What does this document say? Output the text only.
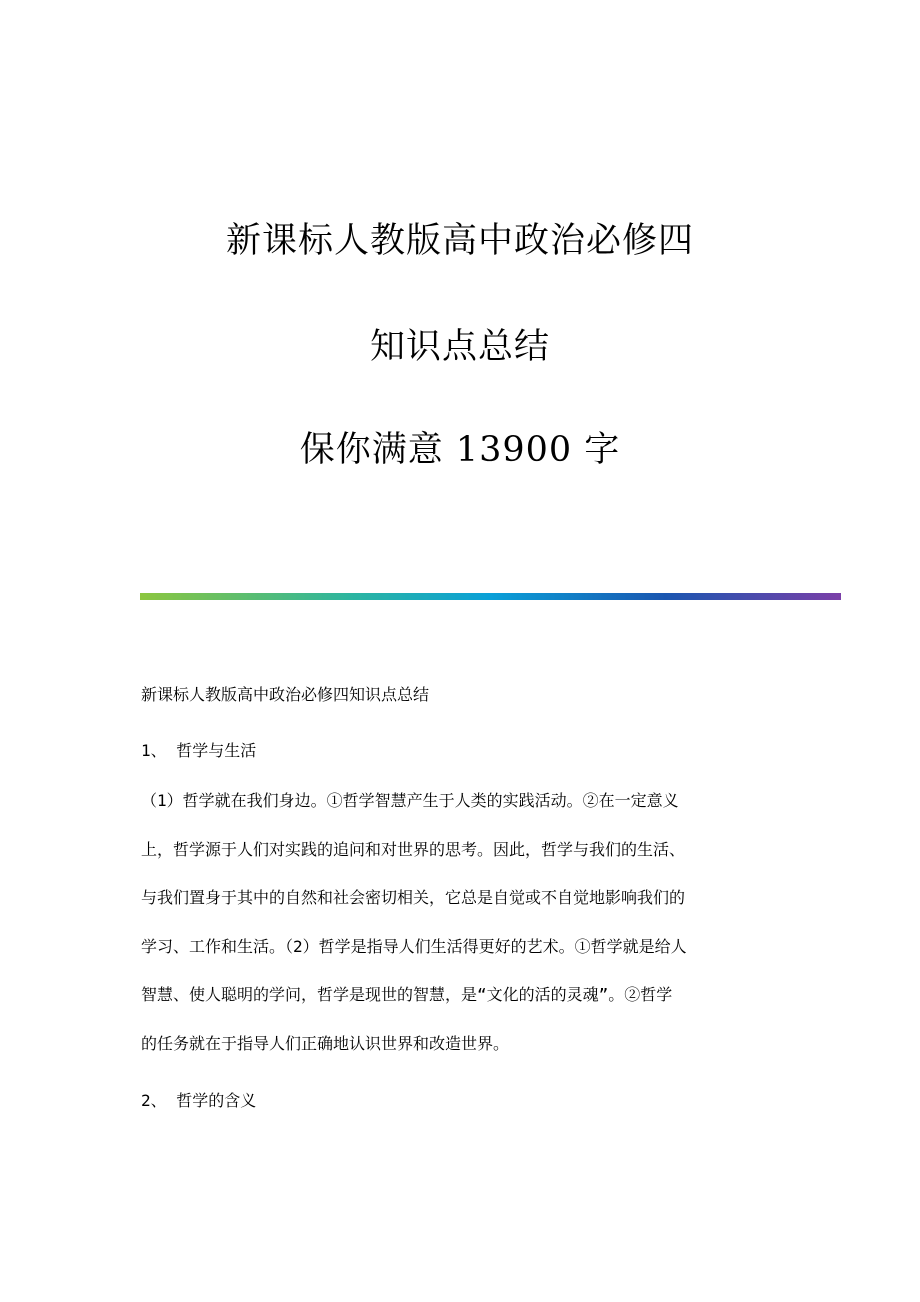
新课标人教版高中政治必修四
知识点总结
保你满意 13900 字
新课标人教版高中政治必修四知识点总结
1、 哲学与生活
（1）哲学就在我们身边。①哲学智慧产生于人类的实践活动。②在一定意义
上，哲学源于人们对实践的追问和对世界的思考。因此，哲学与我们的生活、
与我们置身于其中的自然和社会密切相关，它总是自觉或不自觉地影响我们的
学习、工作和生活。（2）哲学是指导人们生活得更好的艺术。①哲学就是给人
智慧、使人聪明的学问，哲学是现世的智慧，是“文化的活的灵魂”。②哲学
的任务就在于指导人们正确地认识世界和改造世界。
2、 哲学的含义
